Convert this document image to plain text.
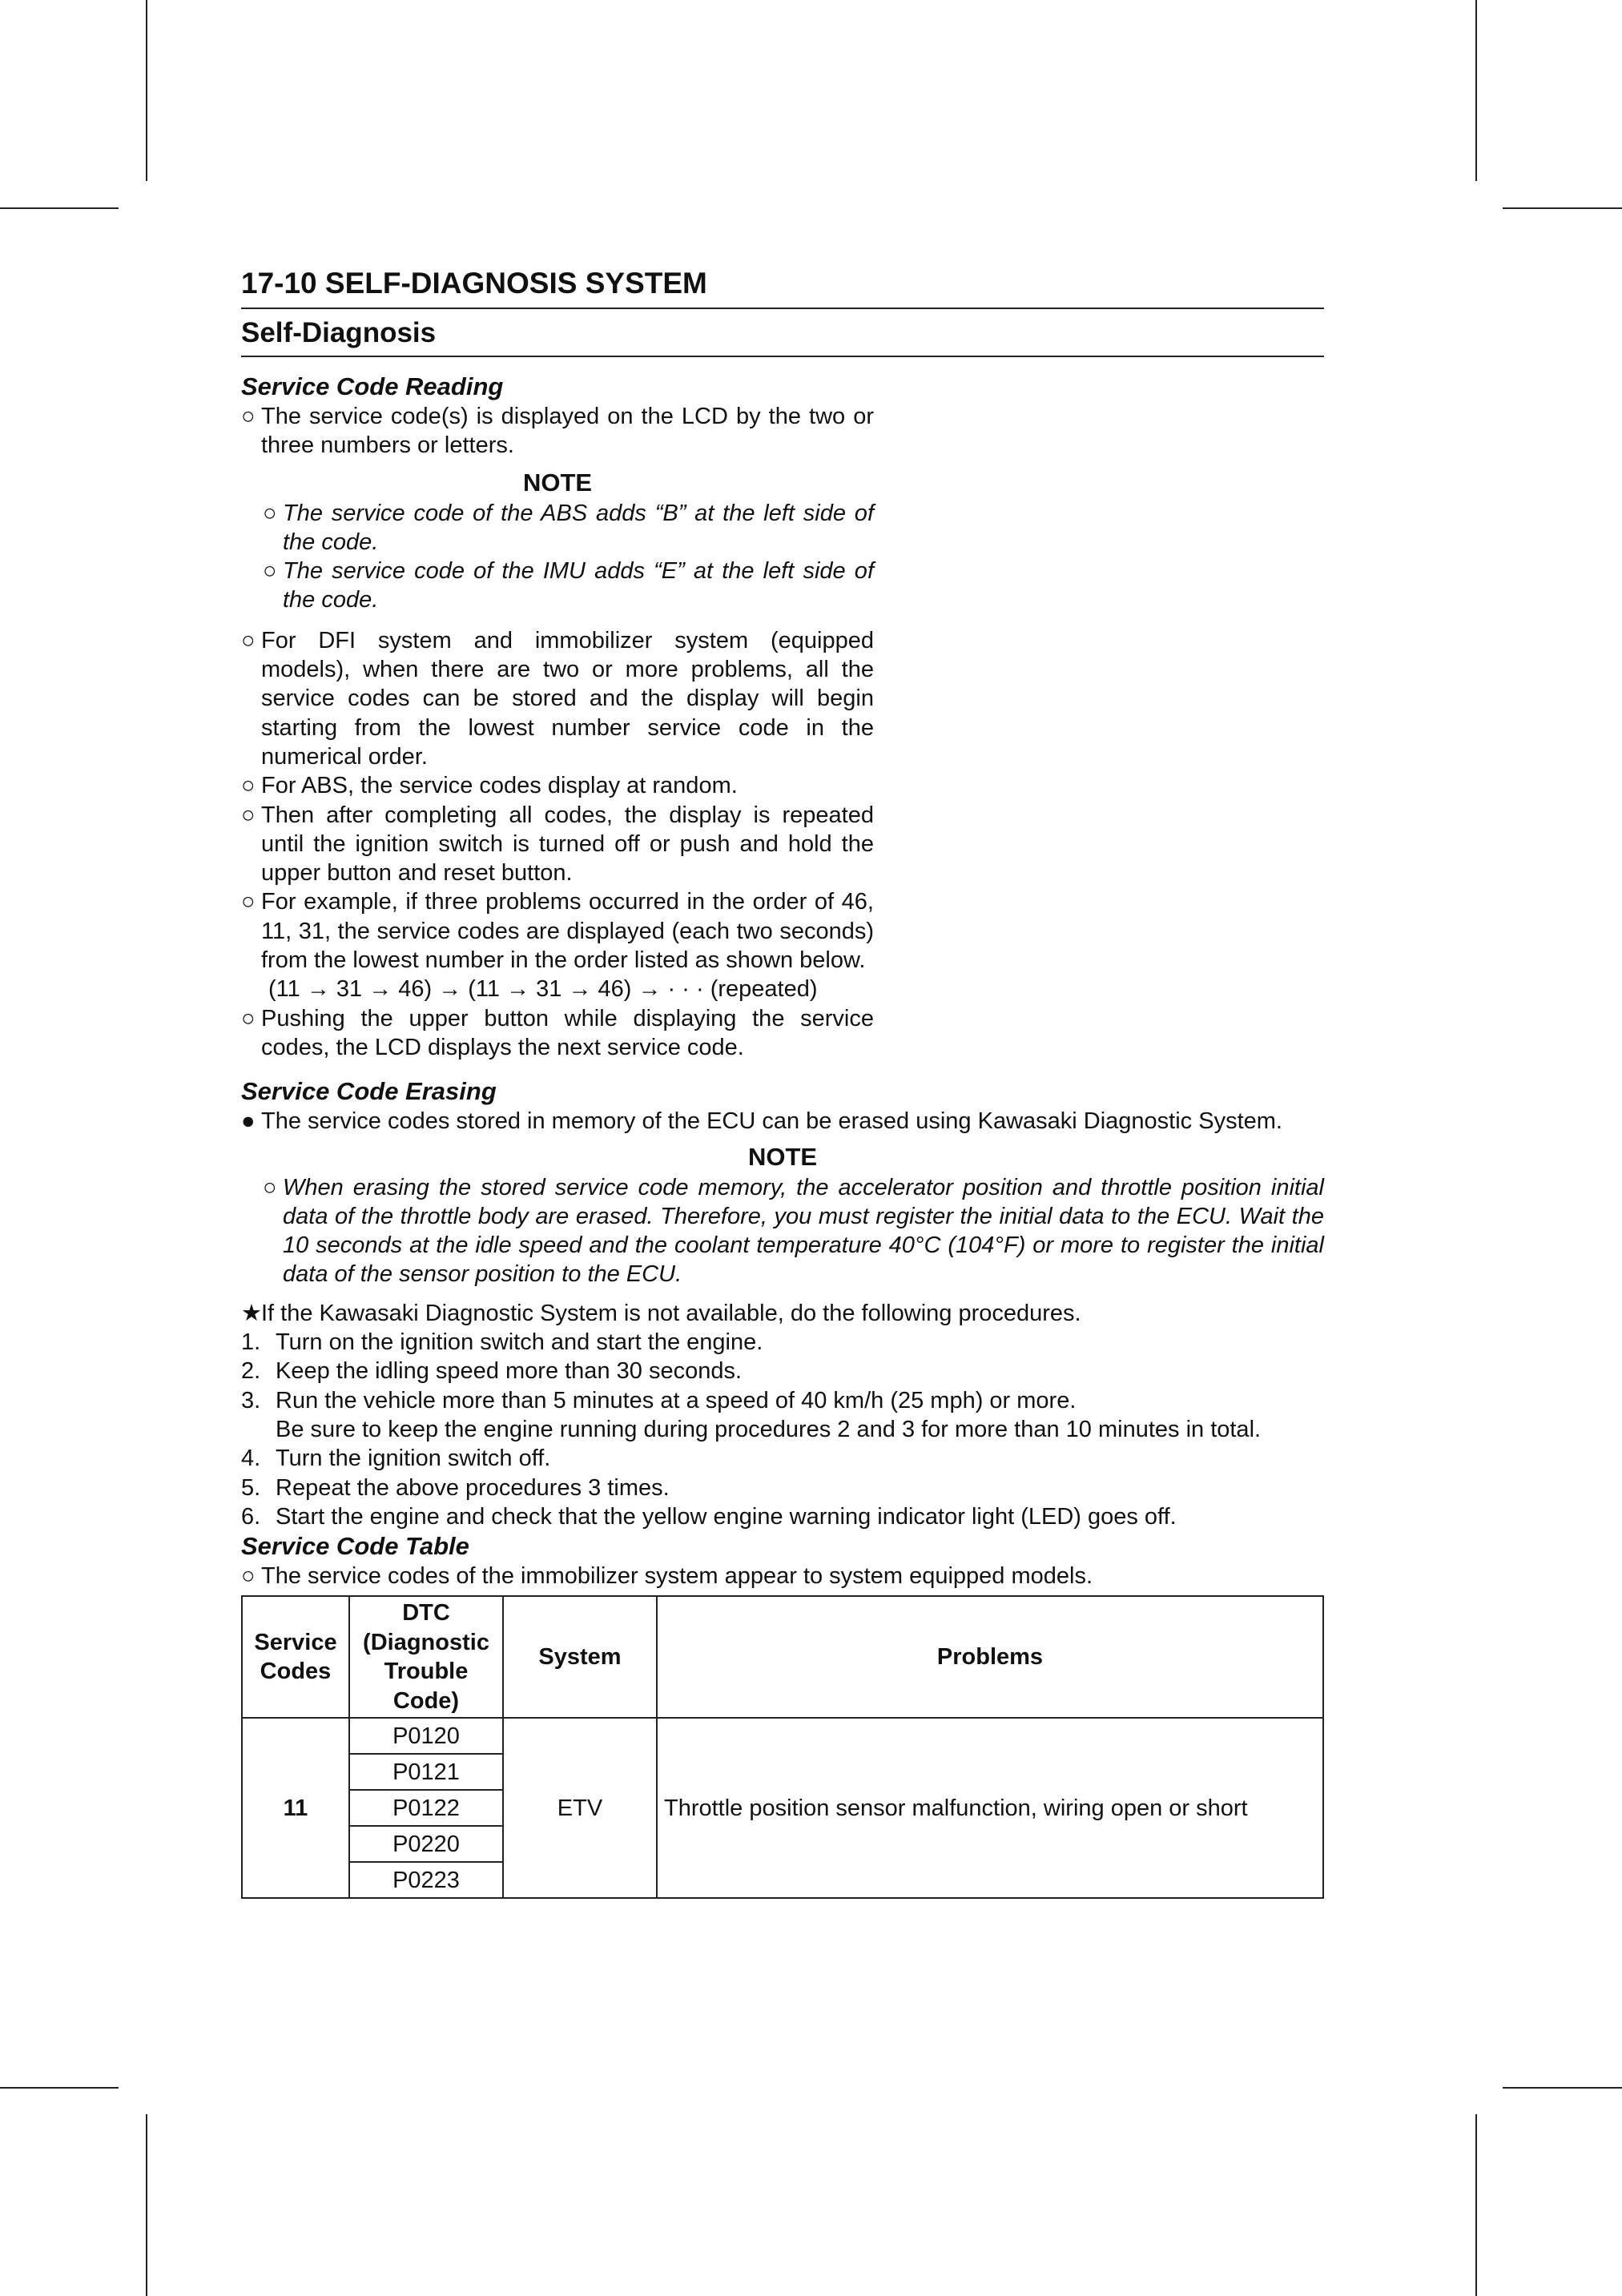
17-10 SELF-DIAGNOSIS SYSTEM
Self-Diagnosis
Service Code Reading
○ The service code(s) is displayed on the LCD by the two or three numbers or letters.
NOTE
○ The service code of the ABS adds “B” at the left side of the code.
○ The service code of the IMU adds “E” at the left side of the code.
○ For DFI system and immobilizer system (equipped models), when there are two or more problems, all the service codes can be stored and the display will begin starting from the lowest number service code in the numerical order.
○ For ABS, the service codes display at random.
○ Then after completing all codes, the display is repeated until the ignition switch is turned off or push and hold the upper button and reset button.
○ For example, if three problems occurred in the order of 46, 11, 31, the service codes are displayed (each two seconds) from the lowest number in the order listed as shown below.
(11 → 31 → 46) → (11 → 31 → 46) → · · · (repeated)
○ Pushing the upper button while displaying the service codes, the LCD displays the next service code.
Service Code Erasing
● The service codes stored in memory of the ECU can be erased using Kawasaki Diagnostic System.
NOTE
○ When erasing the stored service code memory, the accelerator position and throttle position initial data of the throttle body are erased. Therefore, you must register the initial data to the ECU. Wait the 10 seconds at the idle speed and the coolant temperature 40°C (104°F) or more to register the initial data of the sensor position to the ECU.
★ If the Kawasaki Diagnostic System is not available, do the following procedures.
1. Turn on the ignition switch and start the engine.
2. Keep the idling speed more than 30 seconds.
3. Run the vehicle more than 5 minutes at a speed of 40 km/h (25 mph) or more.
Be sure to keep the engine running during procedures 2 and 3 for more than 10 minutes in total.
4. Turn the ignition switch off.
5. Repeat the above procedures 3 times.
6. Start the engine and check that the yellow engine warning indicator light (LED) goes off.
Service Code Table
○ The service codes of the immobilizer system appear to system equipped models.
Service Codes	DTC (Diagnostic Trouble Code)	System	Problems
11	P0120	ETV	Throttle position sensor malfunction, wiring open or short
	P0121		
	P0122		
	P0220		
	P0223		
